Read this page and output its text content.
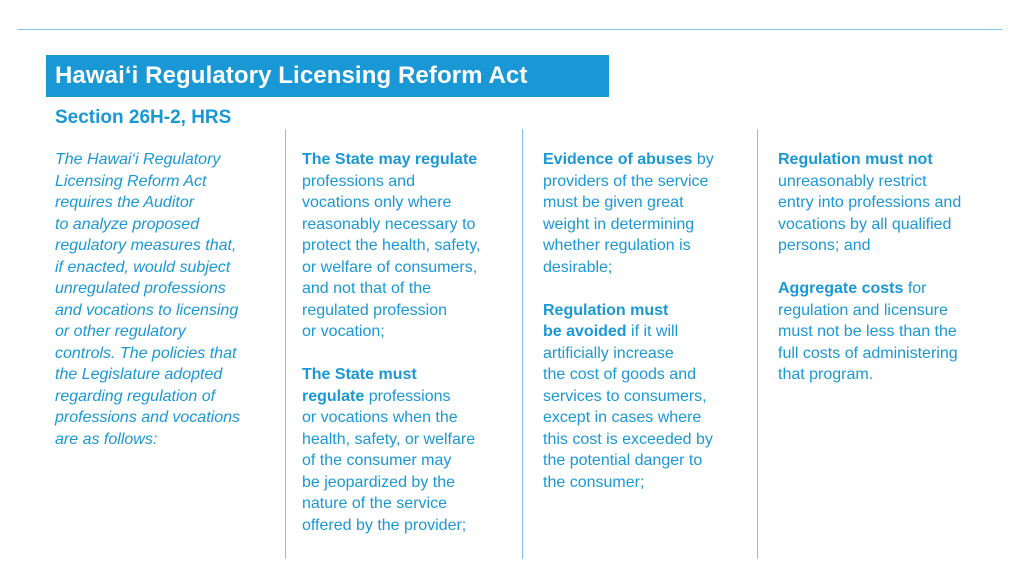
Hawai‘i Regulatory Licensing Reform Act
Section 26H-2, HRS

The Hawai‘i Regulatory

Licensing Reform Act

requires the Auditor

to analyze proposed

regulatory measures that,

if enacted, would subject

unregulated professions

and vocations to licensing

or other regulatory

controls. The policies that

the Legislature adopted

regarding regulation of

professions and vocations

are as follows:

The State may regulate

professions and

vocations only where

reasonably necessary to

protect the health, safety,

or welfare of consumers,

and not that of the

regulated profession

or vocation;

The State must

regulate professions

or vocations when the

health, safety, or welfare

of the consumer may

be jeopardized by the

nature of the service

offered by the provider;

Evidence of abuses by

providers of the service

must be given great

weight in determining

whether regulation is

desirable;

Regulation must

be avoided if it will

artificially increase

the cost of goods and

services to consumers,

except in cases where

this cost is exceeded by

the potential danger to

the consumer;

Regulation must not

unreasonably restrict

entry into professions and

vocations by all qualified

persons; and

Aggregate costs for

regulation and licensure

must not be less than the

full costs of administering

that program.
